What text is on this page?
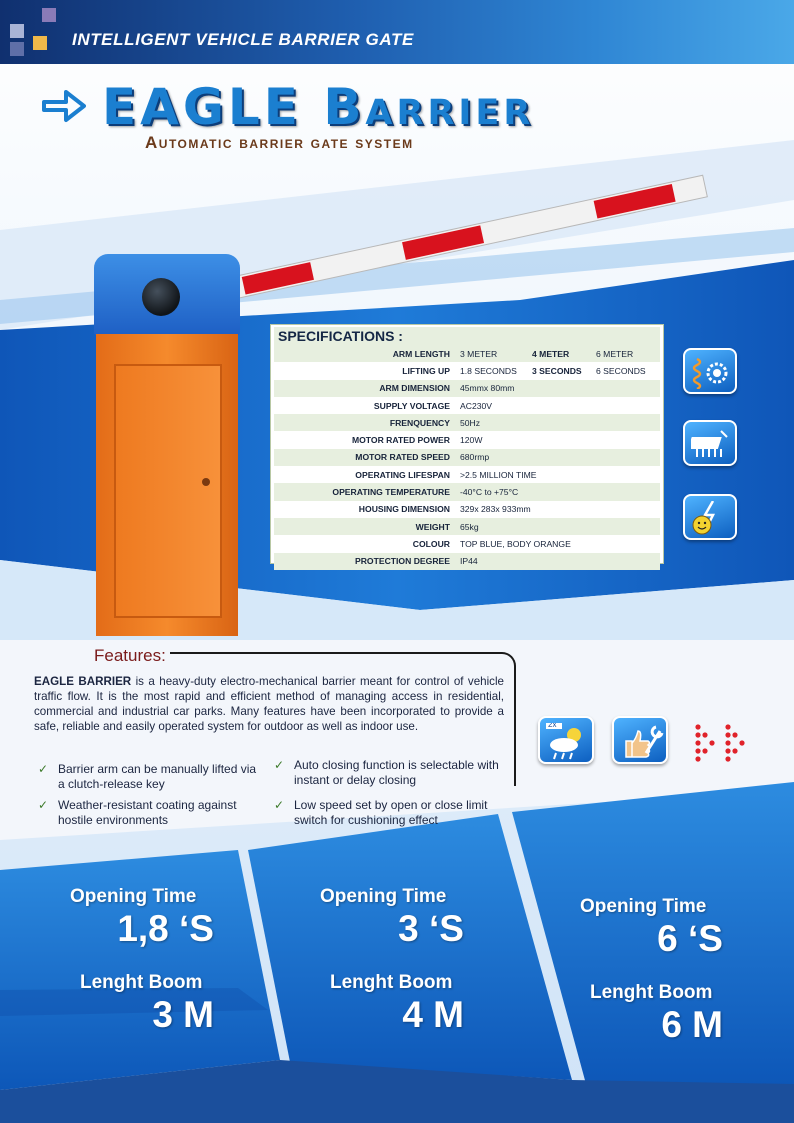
INTELLIGENT VEHICLE BARRIER GATE
EAGLE Barrier
Automatic barrier gate system
SPECIFICATIONS :
ARM LENGTH	3 METER	4 METER	6 METER
LIFTING UP	1.8 SECONDS	3 SECONDS	6 SECONDS
ARM DIMENSION	45mmx 80mm
SUPPLY VOLTAGE	AC230V
FRENQUENCY	50Hz
MOTOR RATED POWER	120W
MOTOR RATED SPEED	680rmp
OPERATING LIFESPAN	>2.5 MILLION TIME
OPERATING TEMPERATURE	-40°C to +75°C
HOUSING DIMENSION	329x 283x 933mm
WEIGHT	65kg
COLOUR	TOP BLUE, BODY ORANGE
PROTECTION DEGREE	IP44
Features:
EAGLE BARRIER is a heavy-duty electro-mechanical barrier meant for control of vehicle traffic flow. It is the most rapid and efficient method of managing access in residential, commercial and industrial car parks. Many features have been incorporated to provide a safe, reliable and easily operated system for outdoor as well as indoor use.
✓ Barrier arm can be manually lifted via a clutch-release key
✓ Auto closing function is selectable with instant or delay closing
✓ Weather-resistant coating against hostile environments
✓ Low speed set by open or close limit switch for cushioning effect
2x
Opening Time
1,8 ‘S
Lenght Boom
3 M
Opening Time
3 ‘S
Lenght Boom
4 M
Opening Time
6 ‘S
Lenght Boom
6 M
